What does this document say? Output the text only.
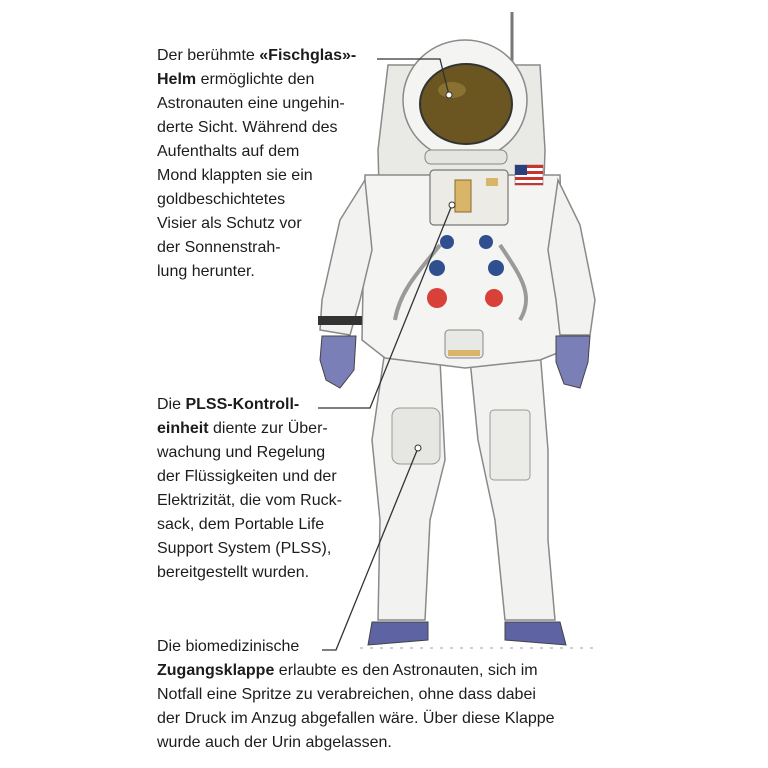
Der berühmte «Fischglas»-
Helm ermöglichte den
Astronauten eine ungehin-
derte Sicht. Während des
Aufenthalts auf dem
Mond klappten sie ein
goldbeschichtetes
Visier als Schutz vor
der Sonnenstrah-
lung herunter.

Die PLSS-Kontroll-
einheit diente zur Über-
wachung und Regelung
der Flüssigkeiten und der
Elektrizität, die vom Ruck-
sack, dem Portable Life
Support System (PLSS),
bereitgestellt wurden.

Die biomedizinische
Zugangsklappe erlaubte es den Astronauten, sich im
Notfall eine Spritze zu verabreichen, ohne dass dabei
der Druck im Anzug abgefallen wäre. Über diese Klappe
wurde auch der Urin abgelassen.
